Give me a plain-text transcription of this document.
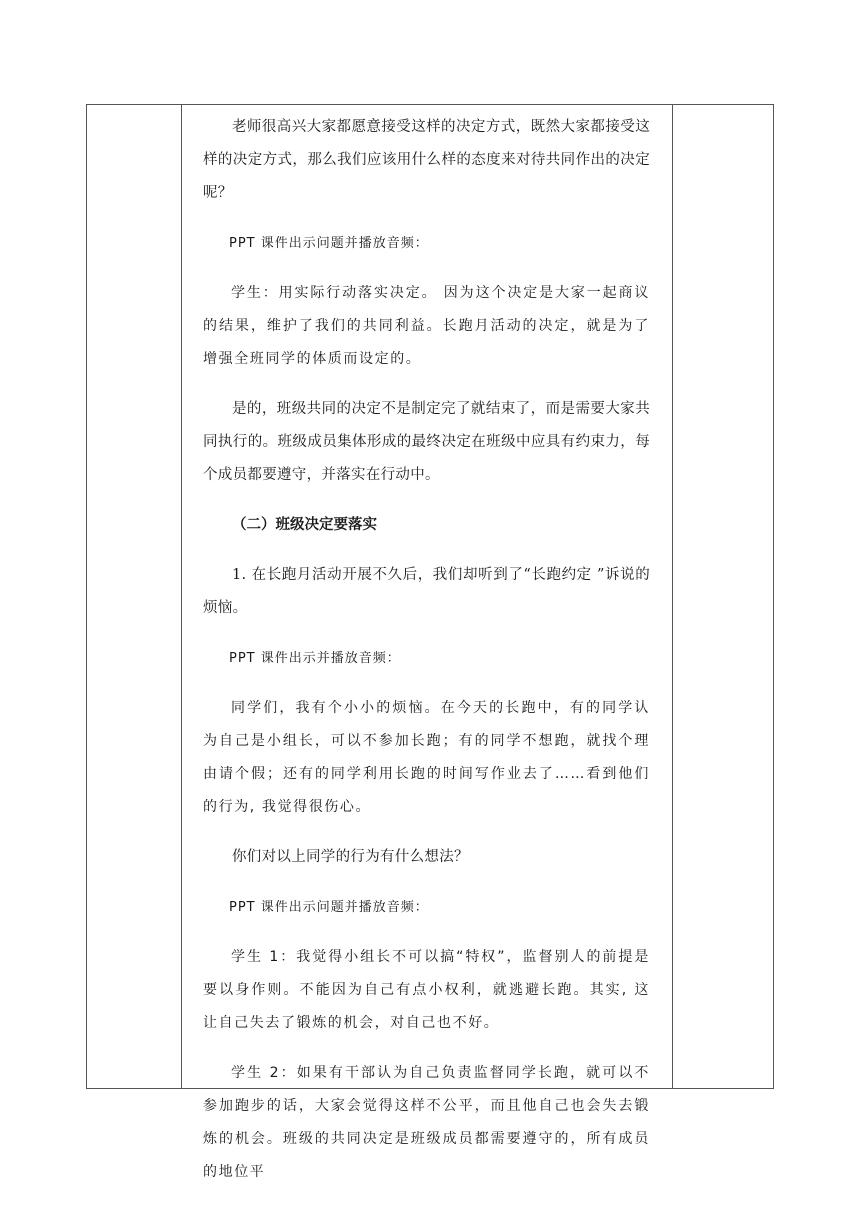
老师很高兴大家都愿意接受这样的决定方式，既然大家都接受这样的决定方式，那么我们应该用什么样的态度来对待共同作出的决定呢？

PPT 课件出示问题并播放音频：

学生：用实际行动落实决定。 因为这个决定是大家一起商议的结果，维护了我们的共同利益。长跑月活动的决定，就是为了增强全班同学的体质而设定的。

是的，班级共同的决定不是制定完了就结束了，而是需要大家共同执行的。班级成员集体形成的最终决定在班级中应具有约束力，每个成员都要遵守，并落实在行动中。

（二）班级决定要落实

1. 在长跑月活动开展不久后，我们却听到了“长跑约定 ”诉说的烦恼。

PPT 课件出示并播放音频：

同学们，我有个小小的烦恼。在今天的长跑中，有的同学认为自己是小组长，可以不参加长跑；有的同学不想跑，就找个理由请个假；还有的同学利用长跑的时间写作业去了……看到他们的行为, 我觉得很伤心。

你们对以上同学的行为有什么想法？

PPT 课件出示问题并播放音频：

学生 1：我觉得小组长不可以搞“特权”，监督别人的前提是要以身作则。不能因为自己有点小权利，就逃避长跑。其实, 这让自己失去了锻炼的机会，对自己也不好。

学生 2：如果有干部认为自己负责监督同学长跑，就可以不参加跑步的话，大家会觉得这样不公平，而且他自己也会失去锻炼的机会。班级的共同决定是班级成员都需要遵守的，所有成员的地位平
